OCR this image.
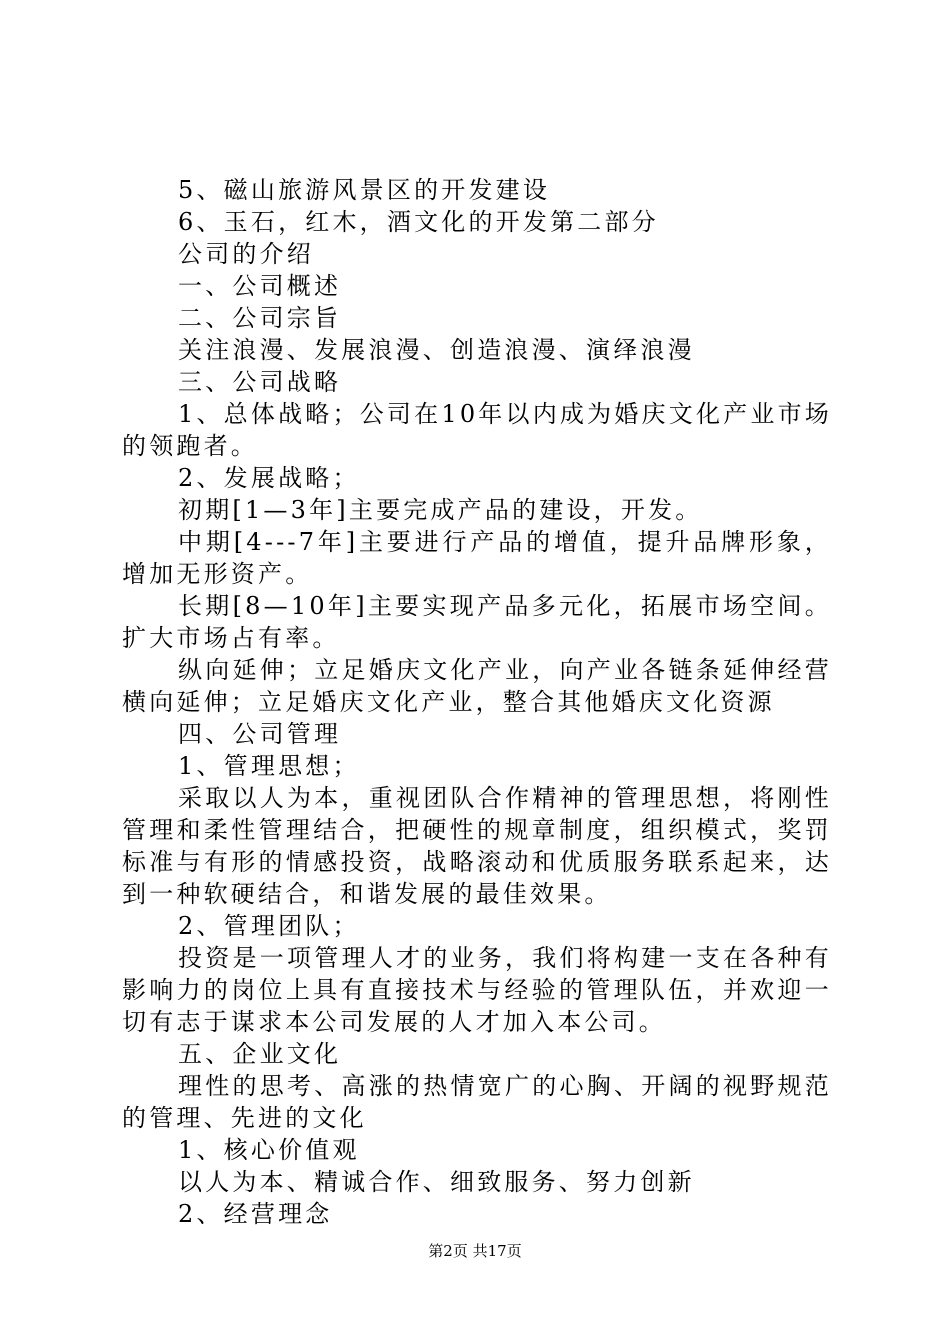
5、磁山旅游风景区的开发建设

6、玉石，红木，酒文化的开发第二部分

公司的介绍

一、公司概述

二、公司宗旨

关注浪漫、发展浪漫、创造浪漫、演绎浪漫

三、公司战略

1、总体战略；公司在10年以内成为婚庆文化产业市场的领跑者。

2、发展战略；

初期[1—3年]主要完成产品的建设，开发。

中期[4---7年]主要进行产品的增值，提升品牌形象，增加无形资产。

长期[8—10年]主要实现产品多元化，拓展市场空间。扩大市场占有率。

纵向延伸；立足婚庆文化产业，向产业各链条延伸经营横向延伸；立足婚庆文化产业，整合其他婚庆文化资源

四、公司管理

1、管理思想；

采取以人为本，重视团队合作精神的管理思想，将刚性管理和柔性管理结合，把硬性的规章制度，组织模式，奖罚标准与有形的情感投资，战略滚动和优质服务联系起来，达到一种软硬结合，和谐发展的最佳效果。

2、管理团队；

投资是一项管理人才的业务，我们将构建一支在各种有影响力的岗位上具有直接技术与经验的管理队伍，并欢迎一切有志于谋求本公司发展的人才加入本公司。

五、企业文化

理性的思考、高涨的热情宽广的心胸、开阔的视野规范的管理、先进的文化

1、核心价值观

以人为本、精诚合作、细致服务、努力创新

2、经营理念

第2页 共17页
